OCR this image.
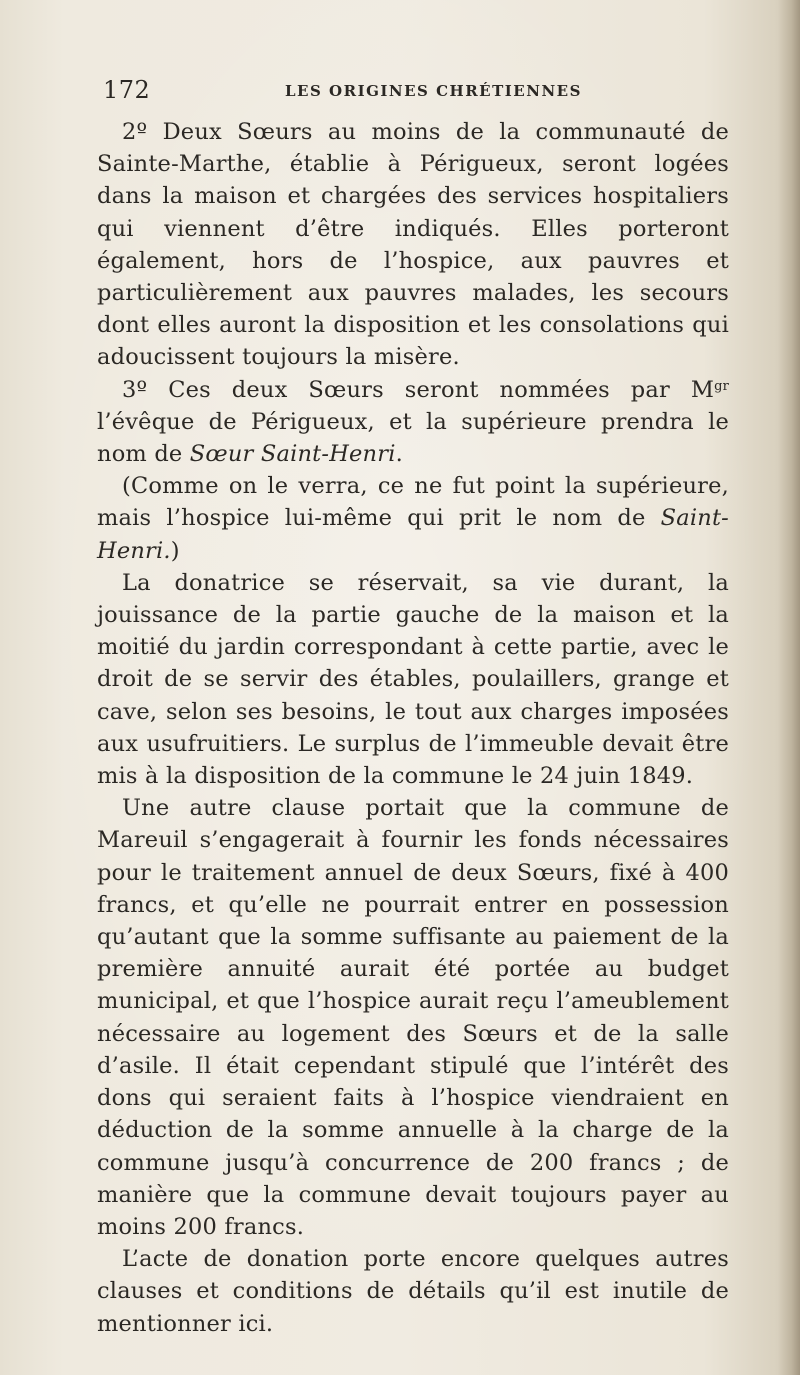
172	LES ORIGINES CHRÉTIENNES

2º Deux Sœurs au moins de la communauté de Sainte-Marthe, établie à Périgueux, seront logées dans la maison et chargées des services hospitaliers qui viennent d’être indiqués. Elles porteront également, hors de l’hospice, aux pauvres et particulièrement aux pauvres malades, les secours dont elles auront la disposition et les consolations qui adoucissent toujours la misère.

3º Ces deux Sœurs seront nommées par $M^{gr}$ l’évêque de Périgueux, et la supérieure prendra le nom de Sœur Saint-Henri.

(Comme on le verra, ce ne fut point la supérieure, mais l’hospice lui-même qui prit le nom de Saint-Henri.)

La donatrice se réservait, sa vie durant, la jouissance de la partie gauche de la maison et la moitié du jardin correspondant à cette partie, avec le droit de se servir des étables, poulaillers, grange et cave, selon ses besoins, le tout aux charges imposées aux usufruitiers. Le surplus de l’immeuble devait être mis à la disposition de la commune le 24 juin 1849.

Une autre clause portait que la commune de Mareuil s’engagerait à fournir les fonds nécessaires pour le traitement annuel de deux Sœurs, fixé à 400 francs, et qu’elle ne pourrait entrer en possession qu’autant que la somme suffisante au paiement de la première annuité aurait été portée au budget municipal, et que l’hospice aurait reçu l’ameublement nécessaire au logement des Sœurs et de la salle d’asile. Il était cependant stipulé que l’intérêt des dons qui seraient faits à l’hospice viendraient en déduction de la somme annuelle à la charge de la commune jusqu’à concurrence de 200 francs ; de manière que la commune devait toujours payer au moins 200 francs.

L’acte de donation porte encore quelques autres clauses et conditions de détails qu’il est inutile de mentionner ici.
